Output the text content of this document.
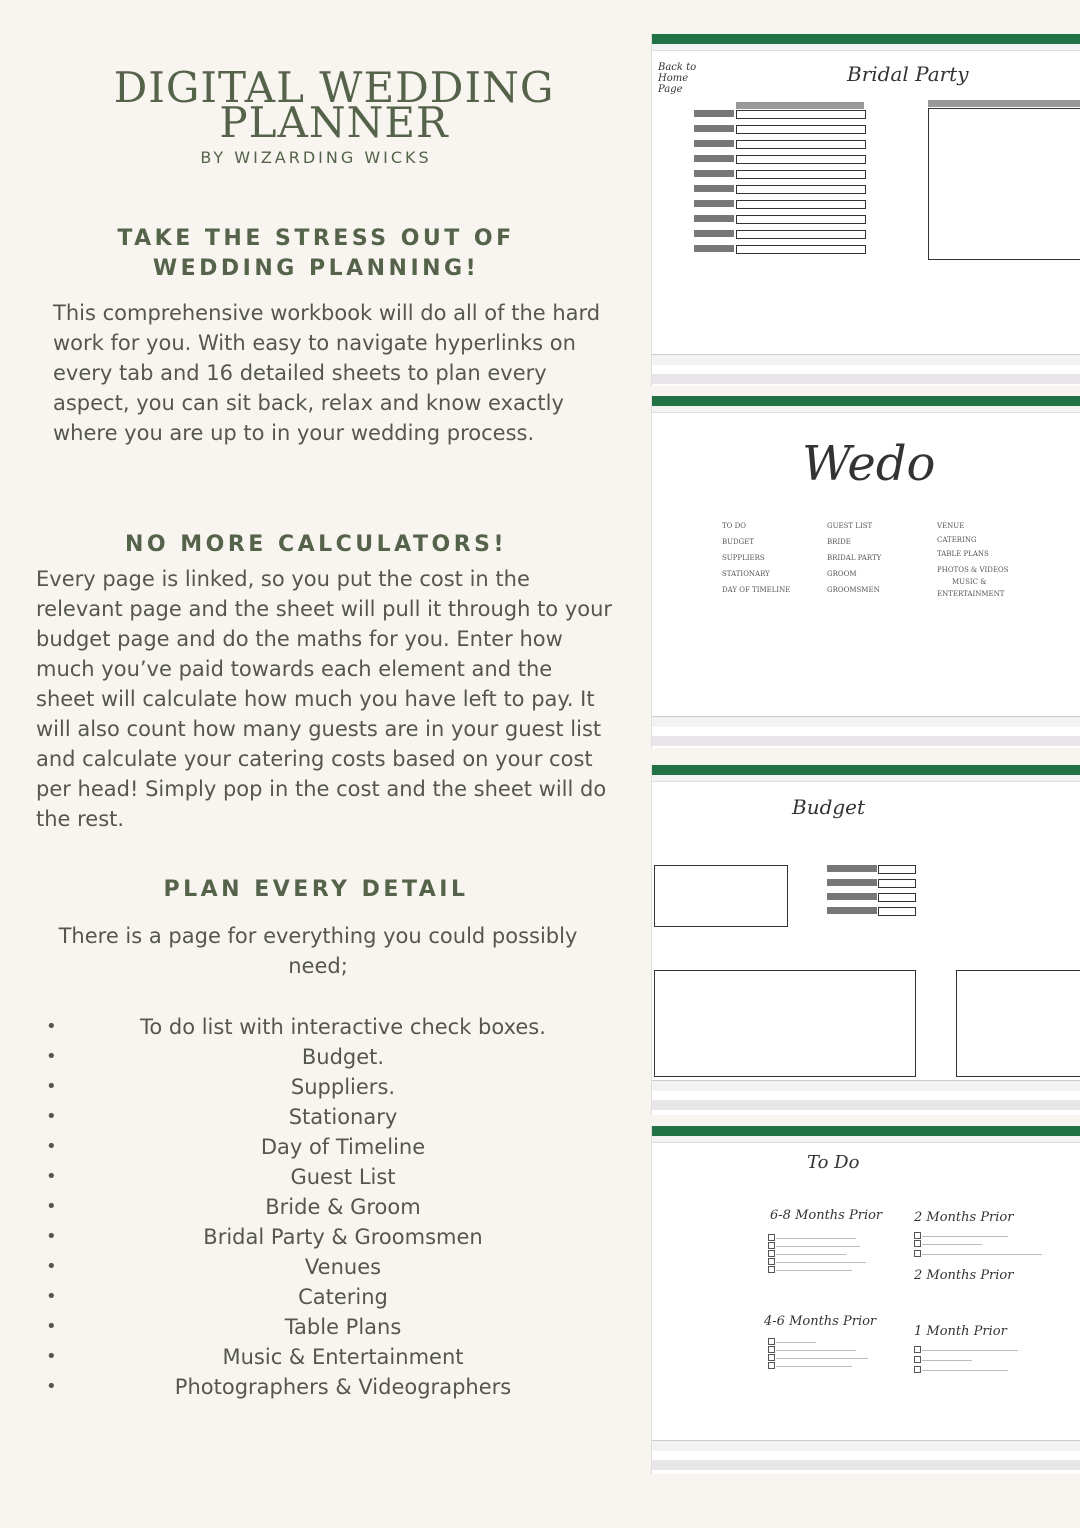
DIGITAL WEDDING
PLANNER
BY WIZARDING WICKS
TAKE THE STRESS OUT OF
WEDDING PLANNING!

This comprehensive workbook will do all of the hard work for you. With easy to navigate hyperlinks on every tab and 16 detailed sheets to plan every aspect, you can sit back, relax and know exactly where you are up to in your wedding process.

NO MORE CALCULATORS!

Every page is linked, so you put the cost in the relevant page and the sheet will pull it through to your budget page and do the maths for you. Enter how much you’ve paid towards each element and the sheet will calculate how much you have left to pay. It will also count how many guests are in your guest list and calculate your catering costs based on your cost per head! Simply pop in the cost and the sheet will do the rest.

PLAN EVERY DETAIL

There is a page for everything you could possibly need;

• To do list with interactive check boxes.
• Budget.
• Suppliers.
• Stationary
• Day of Timeline
• Guest List
• Bride & Groom
• Bridal Party & Groomsmen
• Venues
• Catering
• Table Plans
• Music & Entertainment
• Photographers & Videographers
Back to Home Page
Bridal Party
Wedo
TO DO
BUDGET
SUPPLIERS
STATIONARY
DAY OF TIMELINE
GUEST LIST
BRIDE
BRIDAL PARTY
GROOM
GROOMSMEN
VENUE
CATERING
TABLE PLANS
PHOTOS & VIDEOS
MUSIC &
ENTERTAINMENT
Budget
To Do
6-8 Months Prior 2 Months Prior
2 Months Prior
4-6 Months Prior
1 Month Prior
